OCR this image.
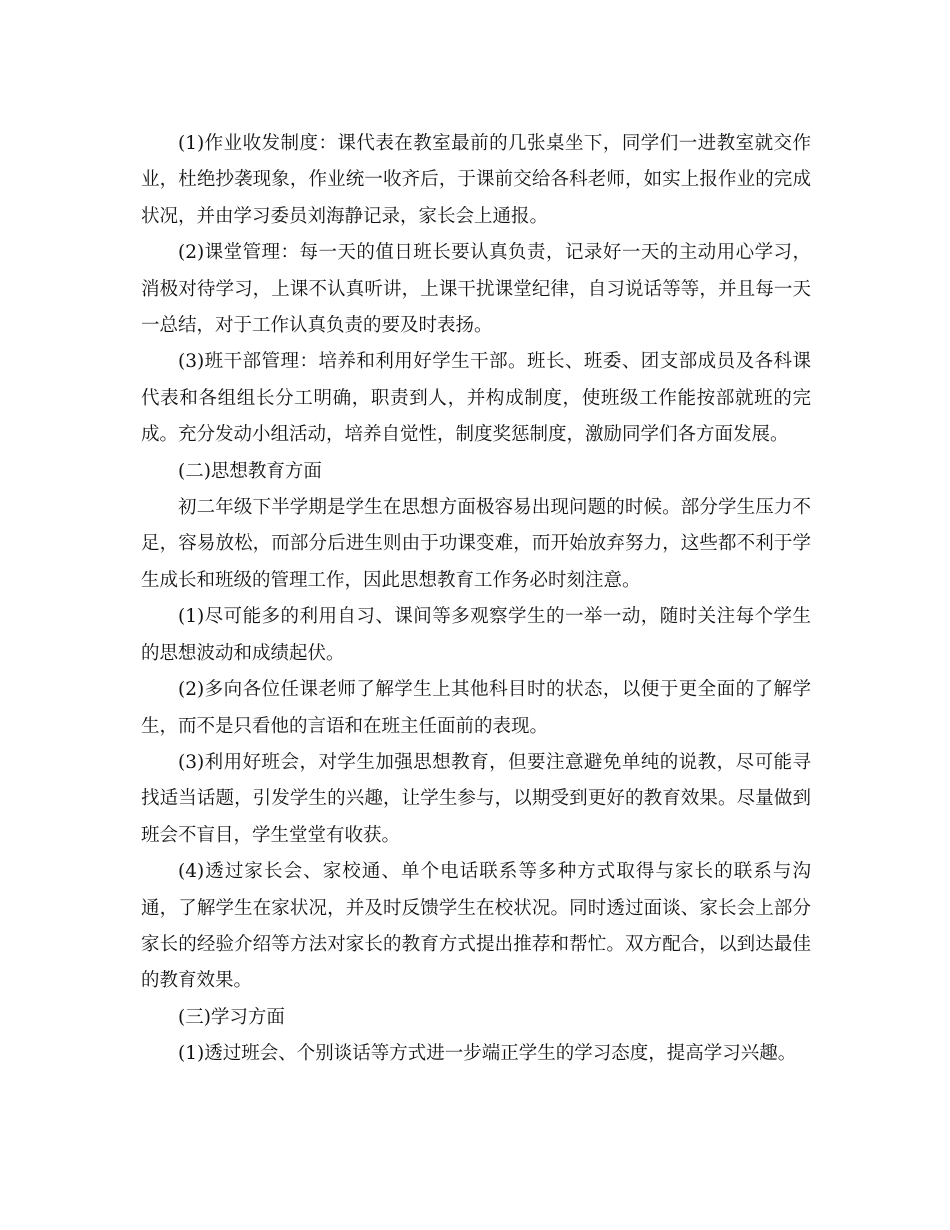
(1)作业收发制度：课代表在教室最前的几张桌坐下，同学们一进教室就交作业，杜绝抄袭现象，作业统一收齐后，于课前交给各科老师，如实上报作业的完成状况，并由学习委员刘海静记录，家长会上通报。

(2)课堂管理：每一天的值日班长要认真负责，记录好一天的主动用心学习，消极对待学习，上课不认真听讲，上课干扰课堂纪律，自习说话等等，并且每一天一总结，对于工作认真负责的要及时表扬。

(3)班干部管理：培养和利用好学生干部。班长、班委、团支部成员及各科课代表和各组组长分工明确，职责到人，并构成制度，使班级工作能按部就班的完成。充分发动小组活动，培养自觉性，制度奖惩制度，激励同学们各方面发展。

(二)思想教育方面

初二年级下半学期是学生在思想方面极容易出现问题的时候。部分学生压力不足，容易放松，而部分后进生则由于功课变难，而开始放弃努力，这些都不利于学生成长和班级的管理工作，因此思想教育工作务必时刻注意。

(1)尽可能多的利用自习、课间等多观察学生的一举一动，随时关注每个学生的思想波动和成绩起伏。

(2)多向各位任课老师了解学生上其他科目时的状态，以便于更全面的了解学生，而不是只看他的言语和在班主任面前的表现。

(3)利用好班会，对学生加强思想教育，但要注意避免单纯的说教，尽可能寻找适当话题，引发学生的兴趣，让学生参与，以期受到更好的教育效果。尽量做到班会不盲目，学生堂堂有收获。

(4)透过家长会、家校通、单个电话联系等多种方式取得与家长的联系与沟通，了解学生在家状况，并及时反馈学生在校状况。同时透过面谈、家长会上部分家长的经验介绍等方法对家长的教育方式提出推荐和帮忙。双方配合，以到达最佳的教育效果。

(三)学习方面

(1)透过班会、个别谈话等方式进一步端正学生的学习态度，提高学习兴趣。
